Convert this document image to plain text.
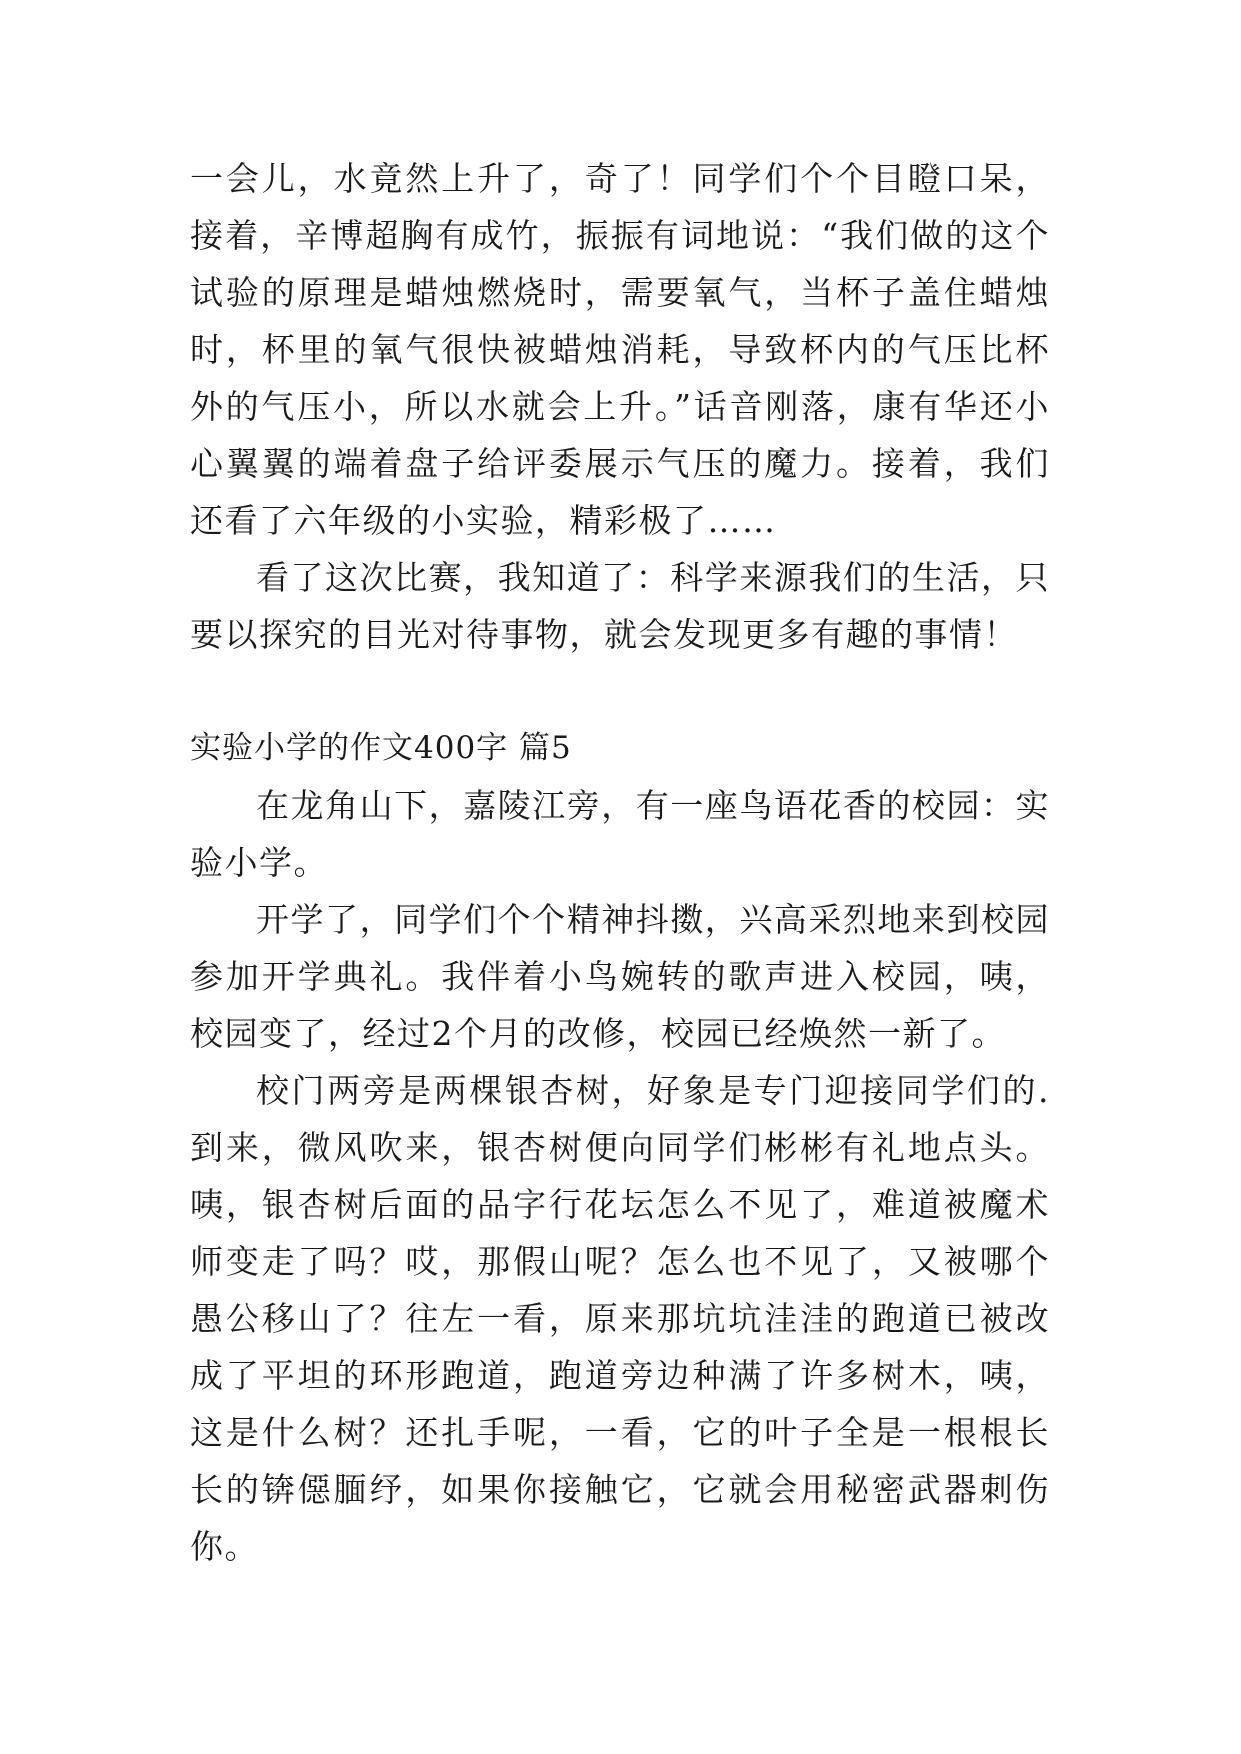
一会儿，水竟然上升了，奇了！同学们个个目瞪口呆，接着，辛博超胸有成竹，振振有词地说：“我们做的这个试验的原理是蜡烛燃烧时，需要氧气，当杯子盖住蜡烛时，杯里的氧气很快被蜡烛消耗，导致杯内的气压比杯外的气压小，所以水就会上升。”话音刚落，康有华还小心翼翼的端着盘子给评委展示气压的魔力。接着，我们还看了六年级的小实验，精彩极了……

看了这次比赛，我知道了：科学来源我们的生活，只要以探究的目光对待事物，就会发现更多有趣的事情！

实验小学的作文400字 篇5

在龙角山下，嘉陵江旁，有一座鸟语花香的校园：实验小学。

开学了，同学们个个精神抖擞，兴高采烈地来到校园参加开学典礼。我伴着小鸟婉转的歌声进入校园，咦，校园变了，经过2个月的改修，校园已经焕然一新了。

校门两旁是两棵银杏树，好象是专门迎接同学们的.到来，微风吹来，银杏树便向同学们彬彬有礼地点头。咦，银杏树后面的品字行花坛怎么不见了，难道被魔术师变走了吗？哎，那假山呢？怎么也不见了，又被哪个愚公移山了？往左一看，原来那坑坑洼洼的跑道已被改成了平坦的环形跑道，跑道旁边种满了许多树木，咦，这是什么树？还扎手呢，一看，它的叶子全是一根根长长的锛僫腼纾，如果你接触它，它就会用秘密武器刺伤你。
